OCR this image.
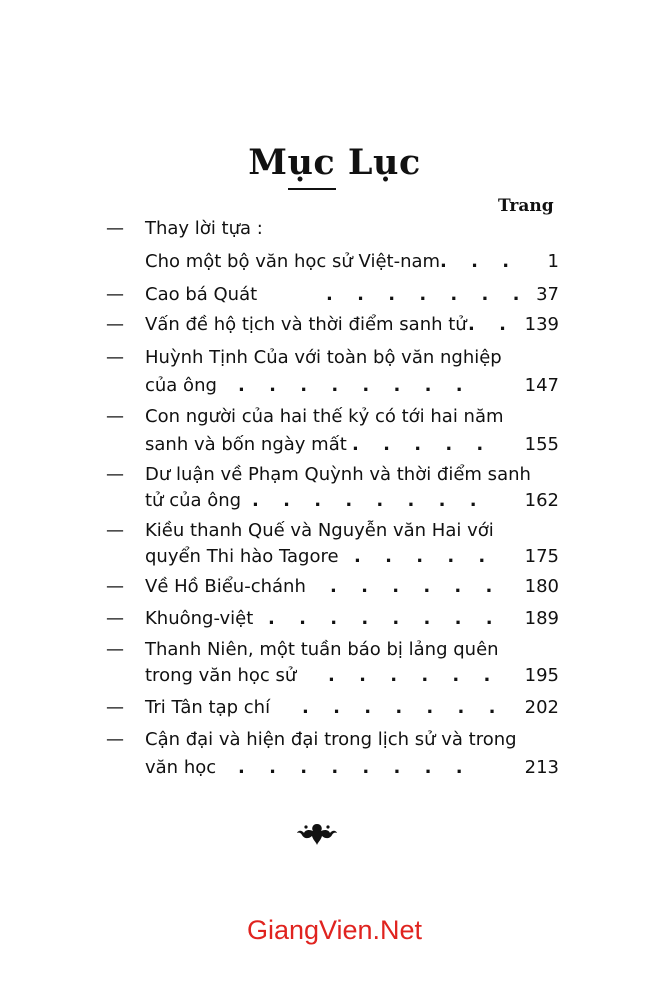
Mục Lục
Trang
—	Thay lời tựa :
Cho một bộ văn học sử Việt-nam . . . 1
—	Cao bá Quát	. . . . . . . 37
—	Vấn đề hộ tịch và thời điểm sanh tử . . 139
—	Huỳnh Tịnh Của với toàn bộ văn nghiệp
của ông . . . . . . . .	147
—	Con người của hai thế kỷ có tới hai năm
sanh và bốn ngày mất . . . . . 155
—	Dư luận về Phạm Quỳnh và thời điểm sanh
tử của ông . . . . . . . . 162
—	Kiều thanh Quế và Nguyễn văn Hai với
quyển Thi hào Tagore . . . . . 175
—	Về Hồ Biểu-chánh . . . . . . 180
—	Khuông-việt . . . . . . . . 189
—	Thanh Niên, một tuần báo bị lảng quên
trong văn học sử . . . . . . 195
—	Tri Tân tạp chí . . . . . . . 202
—	Cận đại và hiện đại trong lịch sử và trong
văn học . . . . . . . .	213
GiangVien.Net
